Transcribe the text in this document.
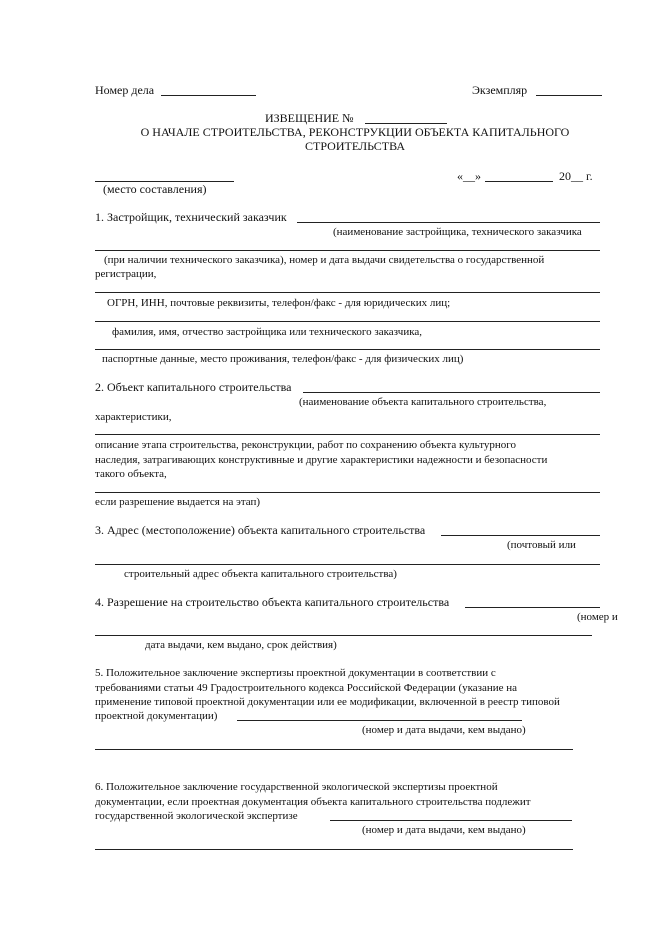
Номер дела	Экземпляр
ИЗВЕЩЕНИЕ №
О НАЧАЛЕ СТРОИТЕЛЬСТВА, РЕКОНСТРУКЦИИ ОБЪЕКТА КАПИТАЛЬНОГО
СТРОИТЕЛЬСТВА
(место составления)
«__»	20__ г.
1. Застройщик, технический заказчик
(наименование застройщика, технического заказчика
(при наличии технического заказчика), номер и дата выдачи свидетельства о государственной
регистрации,
ОГРН, ИНН, почтовые реквизиты, телефон/факс - для юридических лиц;
фамилия, имя, отчество застройщика или технического заказчика,
паспортные данные, место проживания, телефон/факс - для физических лиц)
2. Объект капитального строительства
(наименование объекта капитального строительства,
характеристики,
описание этапа строительства, реконструкции, работ по сохранению объекта культурного
наследия, затрагивающих конструктивные и другие характеристики надежности и безопасности
такого объекта,
если разрешение выдается на этап)
3. Адрес (местоположение) объекта капитального строительства
(почтовый или
строительный адрес объекта капитального строительства)
4. Разрешение на строительство объекта капитального строительства
(номер и
дата выдачи, кем выдано, срок действия)
5. Положительное заключение экспертизы проектной документации в соответствии с
требованиями статьи 49 Градостроительного кодекса Российской Федерации (указание на
применение типовой проектной документации или ее модификации, включенной в реестр типовой
проектной документации)
(номер и дата выдачи, кем выдано)
6. Положительное заключение государственной экологической экспертизы проектной
документации, если проектная документация объекта капитального строительства подлежит
государственной экологической экспертизе
(номер и дата выдачи, кем выдано)
